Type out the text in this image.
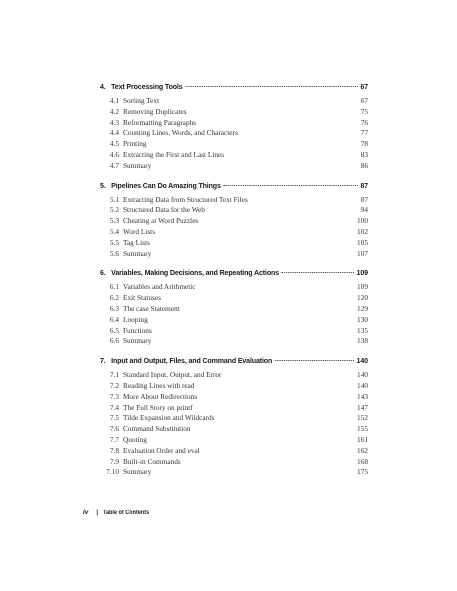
4. Text Processing Tools	67
4.1 Sorting Text	67
4.2 Removing Duplicates	75
4.3 Reformatting Paragraphs	76
4.4 Counting Lines, Words, and Characters	77
4.5 Printing	78
4.6 Extracting the First and Last Lines	83
4.7 Summary	86
5. Pipelines Can Do Amazing Things	87
5.1 Extracting Data from Structured Text Files	87
5.2 Structured Data for the Web	94
5.3 Cheating at Word Puzzles	100
5.4 Word Lists	102
5.5 Tag Lists	105
5.6 Summary	107
6. Variables, Making Decisions, and Repeating Actions	109
6.1 Variables and Arithmetic	109
6.2 Exit Statuses	120
6.3 The case Statement	129
6.4 Looping	130
6.5 Functions	135
6.6 Summary	138
7. Input and Output, Files, and Command Evaluation	140
7.1 Standard Input, Output, and Error	140
7.2 Reading Lines with read	140
7.3 More About Redirections	143
7.4 The Full Story on printf	147
7.5 Tilde Expansion and Wildcards	152
7.6 Command Substitution	155
7.7 Quoting	161
7.8 Evaluation Order and eval	162
7.9 Built-in Commands	168
7.10 Summary	175
iv | Table of Contents
